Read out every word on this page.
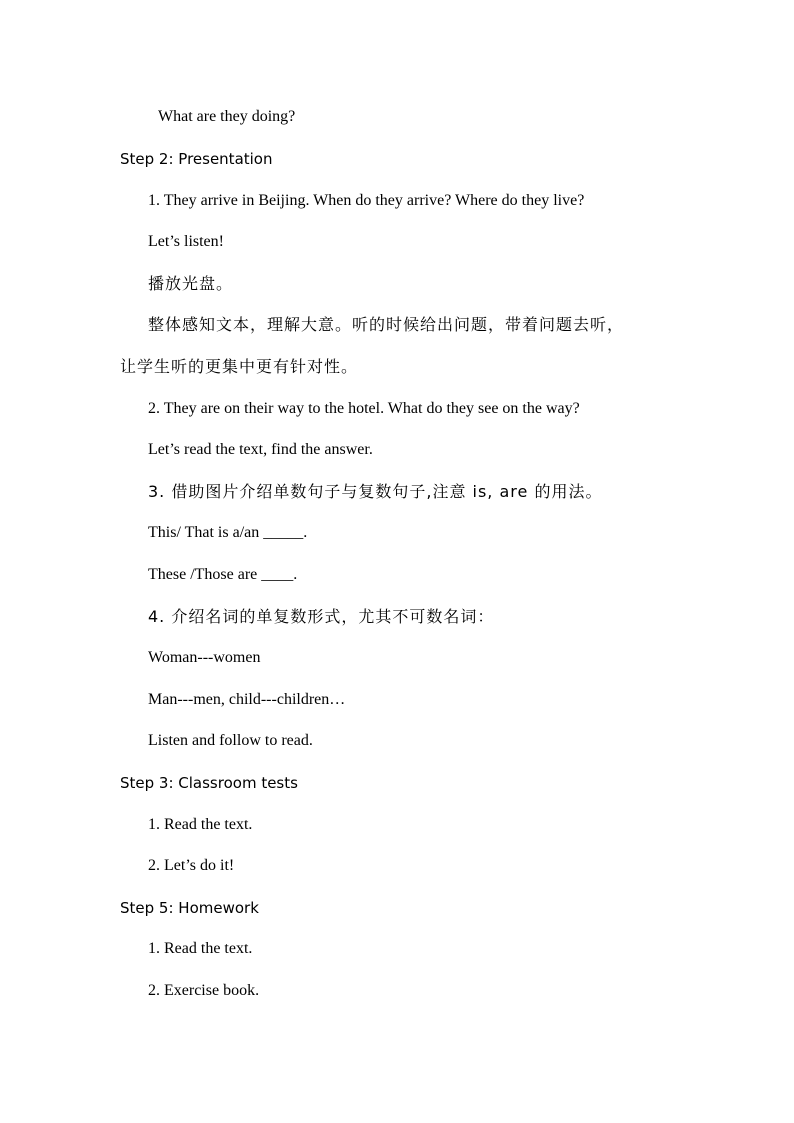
What are they doing?
Step 2: Presentation
1. They arrive in Beijing. When do they arrive? Where do they live?
Let’s listen!
播放光盘。
整体感知文本，理解大意。听的时候给出问题，带着问题去听，
让学生听的更集中更有针对性。
2. They are on their way to the hotel. What do they see on the way?
Let’s read the text, find the answer.
3. 借助图片介绍单数句子与复数句子,注意 is, are 的用法。
This/ That is a/an _____.
These /Those are ____.
4. 介绍名词的单复数形式，尤其不可数名词：
Woman---women
Man---men, child---children…
Listen and follow to read.
Step 3: Classroom tests
1. Read the text.
2. Let’s do it!
Step 5: Homework
1. Read the text.
2. Exercise book.
